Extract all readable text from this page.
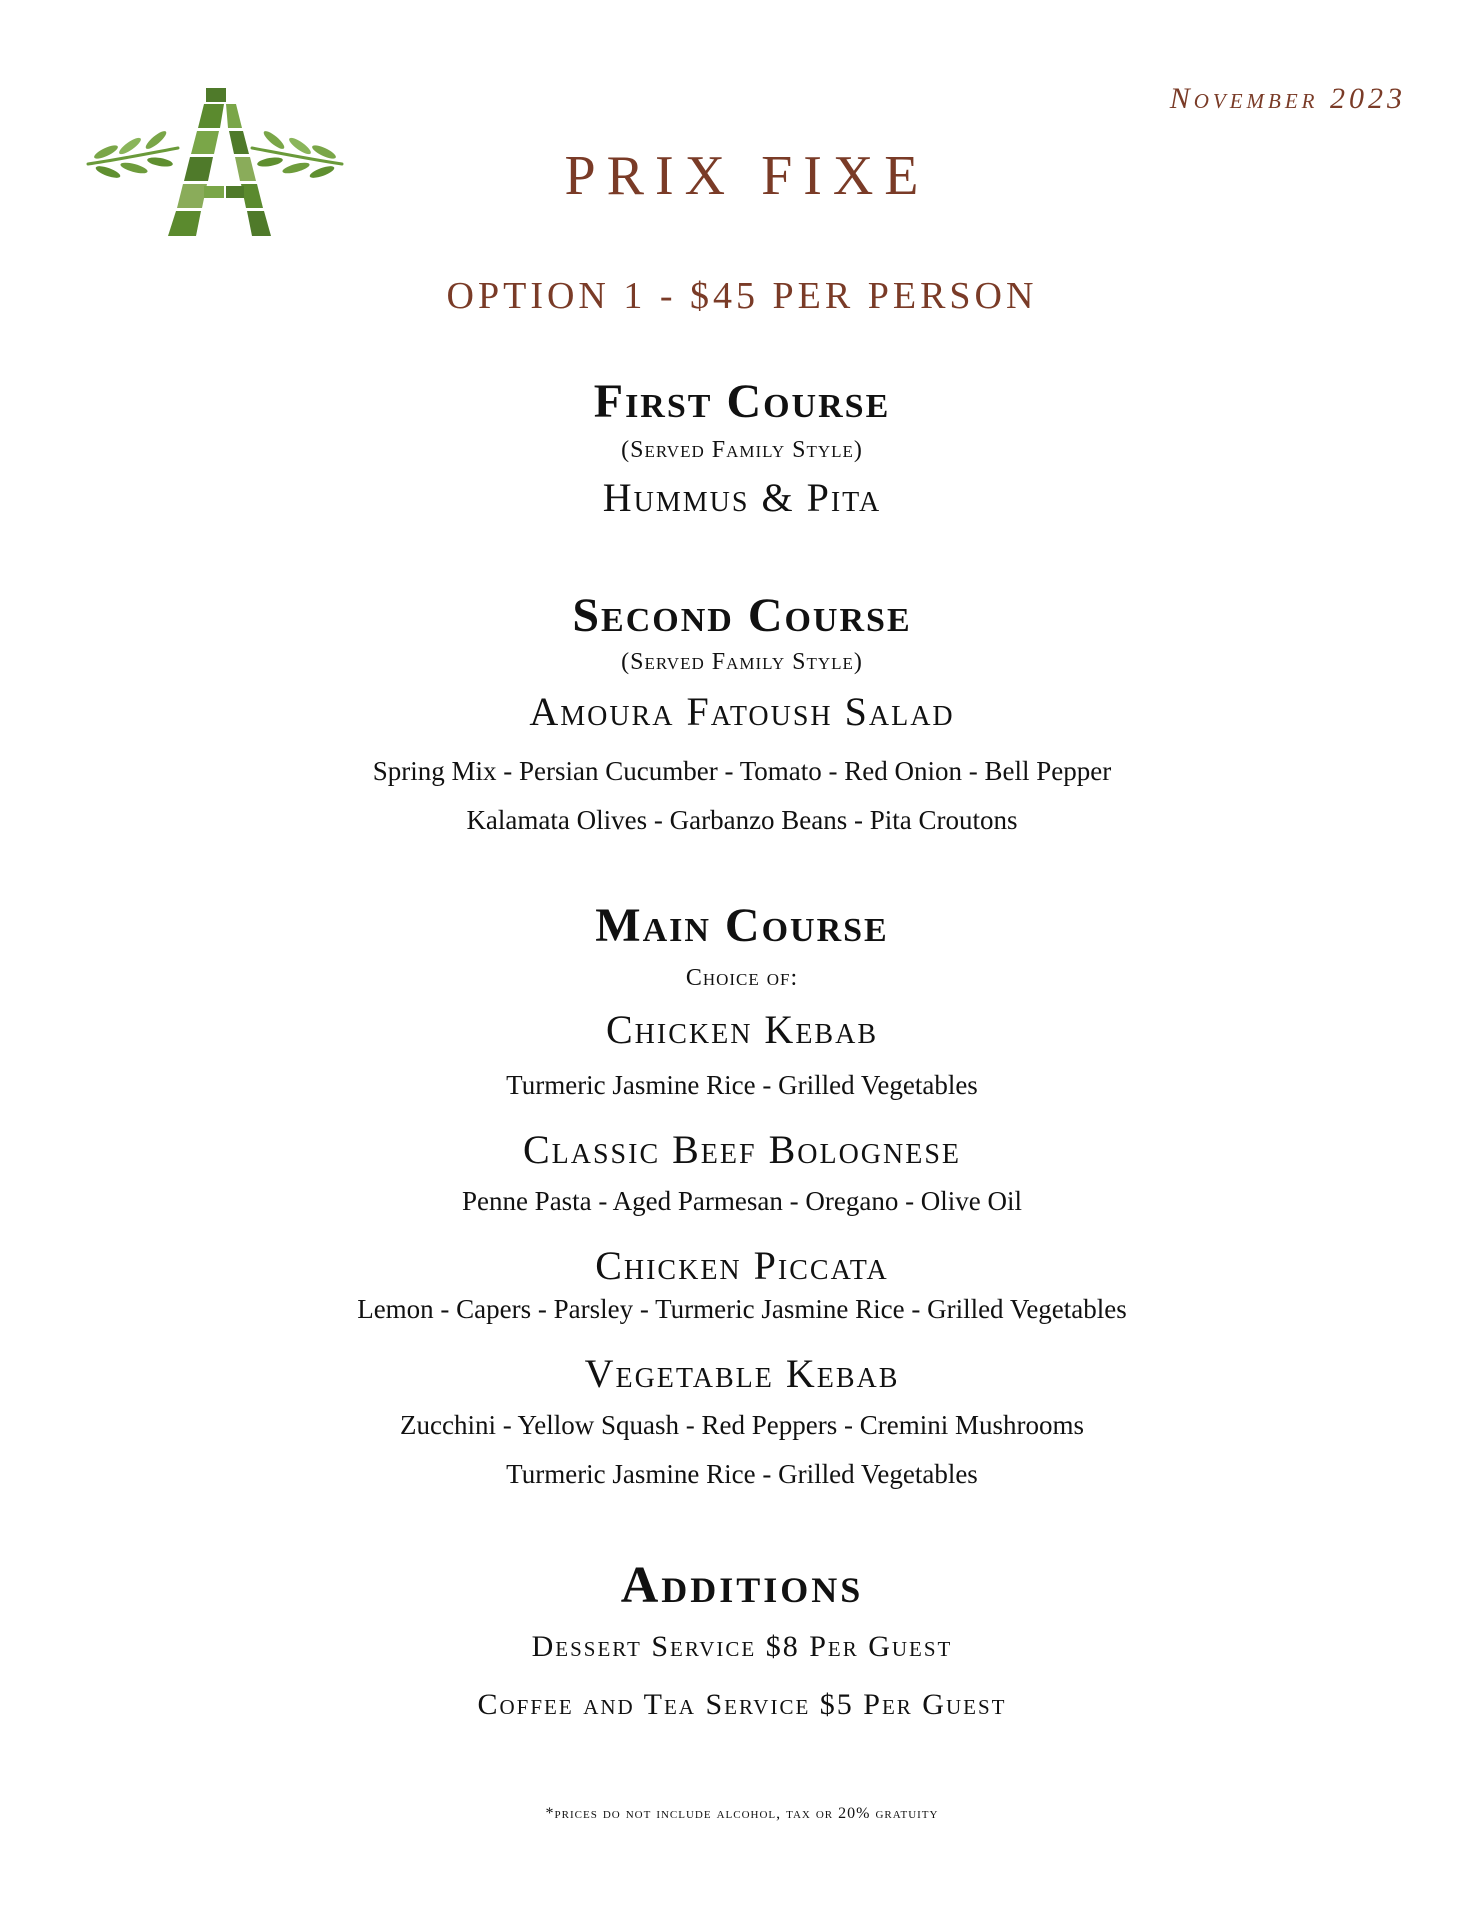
November 2023
PRIX FIXE
OPTION 1 - $45 PER PERSON
First Course
(Served Family Style)
Hummus & Pita
Second Course
(Served Family Style)
Amoura Fatoush Salad
Spring Mix - Persian Cucumber - Tomato - Red Onion - Bell Pepper
Kalamata Olives - Garbanzo Beans - Pita Croutons
Main Course
Choice of:
Chicken Kebab
Turmeric Jasmine Rice - Grilled Vegetables
Classic Beef Bolognese
Penne Pasta - Aged Parmesan - Oregano - Olive Oil
Chicken Piccata
Lemon - Capers - Parsley - Turmeric Jasmine Rice - Grilled Vegetables
Vegetable Kebab
Zucchini - Yellow Squash - Red Peppers - Cremini Mushrooms
Turmeric Jasmine Rice - Grilled Vegetables
Additions
Dessert Service $8 Per Guest
Coffee and Tea Service $5 Per Guest
*prices do not include alcohol, tax or 20% gratuity
